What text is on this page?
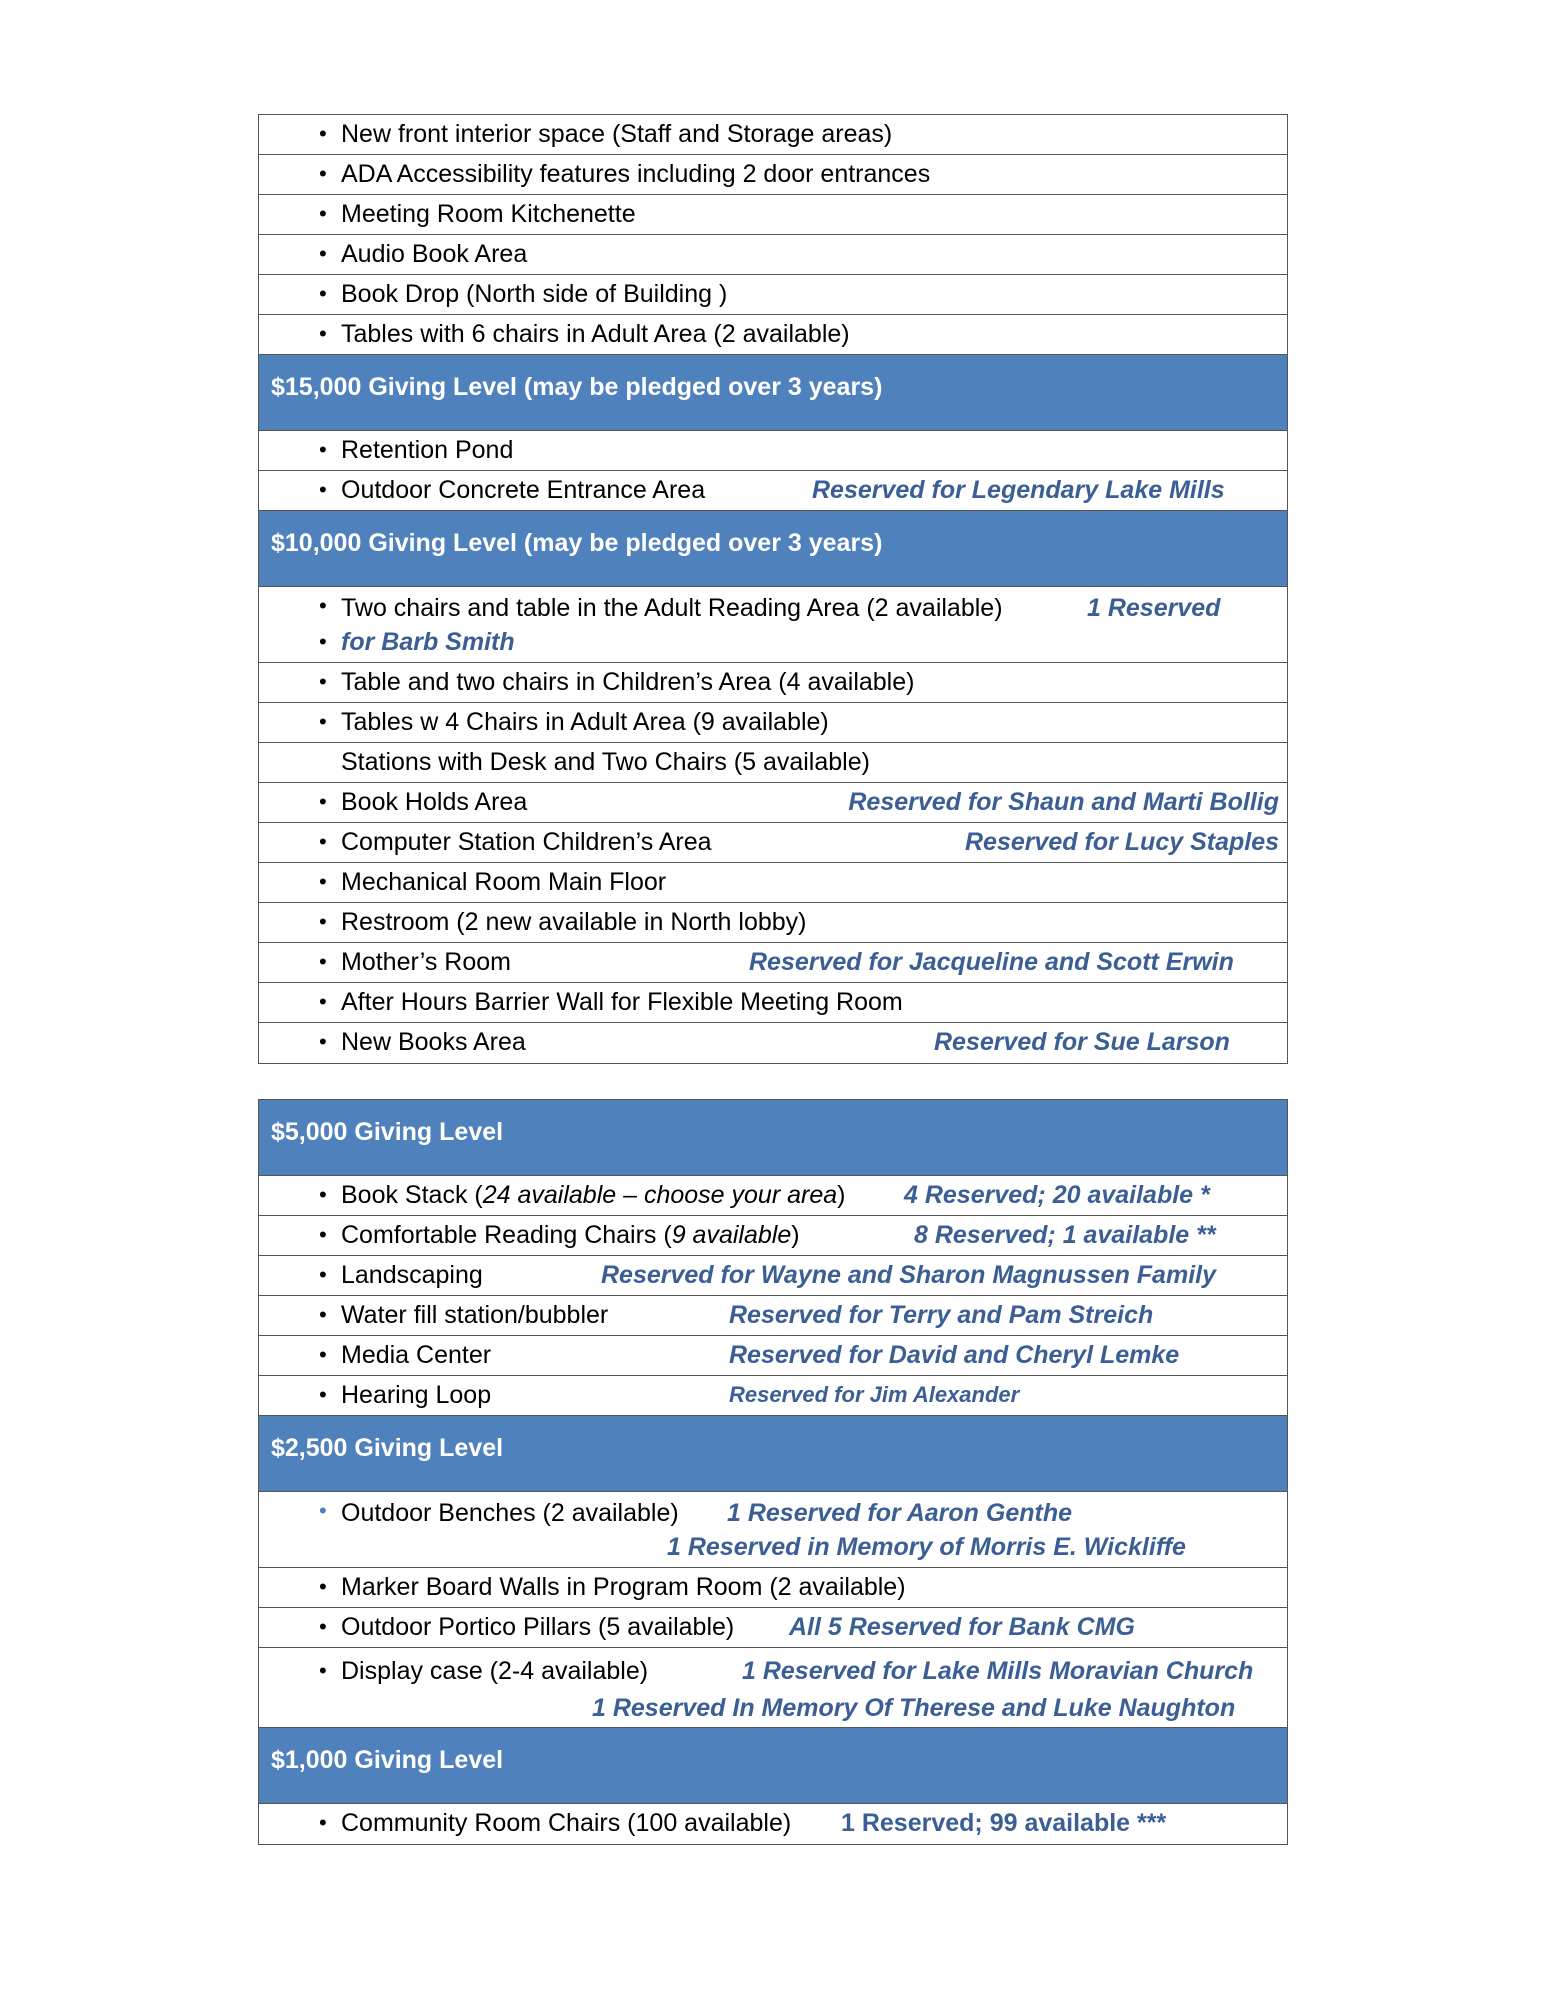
• New front interior space (Staff and Storage areas)
• ADA Accessibility features including 2 door entrances
• Meeting Room Kitchenette
• Audio Book Area
• Book Drop (North side of Building )
• Tables with 6 chairs in Adult Area (2 available)
$15,000 Giving Level (may be pledged over 3 years)
• Retention Pond
• Outdoor Concrete Entrance Area	Reserved for Legendary Lake Mills
$10,000 Giving Level (may be pledged over 3 years)
• Two chairs and table in the Adult Reading Area (2 available)	1 Reserved
• for Barb Smith
• Table and two chairs in Children’s Area (4 available)
• Tables w 4 Chairs in Adult Area (9 available)
Stations with Desk and Two Chairs (5 available)
• Book Holds Area	Reserved for Shaun and Marti Bollig
• Computer Station Children’s Area	Reserved for Lucy Staples
• Mechanical Room Main Floor
• Restroom (2 new available in North lobby)
• Mother’s Room	Reserved for Jacqueline and Scott Erwin
• After Hours Barrier Wall for Flexible Meeting Room
• New Books Area	Reserved for Sue Larson
$5,000 Giving Level
• Book Stack (24 available – choose your area) 4 Reserved; 20 available *
• Comfortable Reading Chairs (9 available)	8 Reserved; 1 available **
• Landscaping	Reserved for Wayne and Sharon Magnussen Family
• Water fill station/bubbler	Reserved for Terry and Pam Streich
• Media Center	Reserved for David and Cheryl Lemke
• Hearing Loop	Reserved for Jim Alexander
$2,500 Giving Level
• Outdoor Benches (2 available) 1 Reserved for Aaron Genthe
1 Reserved in Memory of Morris E. Wickliffe
• Marker Board Walls in Program Room (2 available)
• Outdoor Portico Pillars (5 available) All 5 Reserved for Bank CMG
• Display case (2-4 available)	1 Reserved for Lake Mills Moravian Church
1 Reserved In Memory Of Therese and Luke Naughton
$1,000 Giving Level
• Community Room Chairs (100 available) 1 Reserved; 99 available ***
